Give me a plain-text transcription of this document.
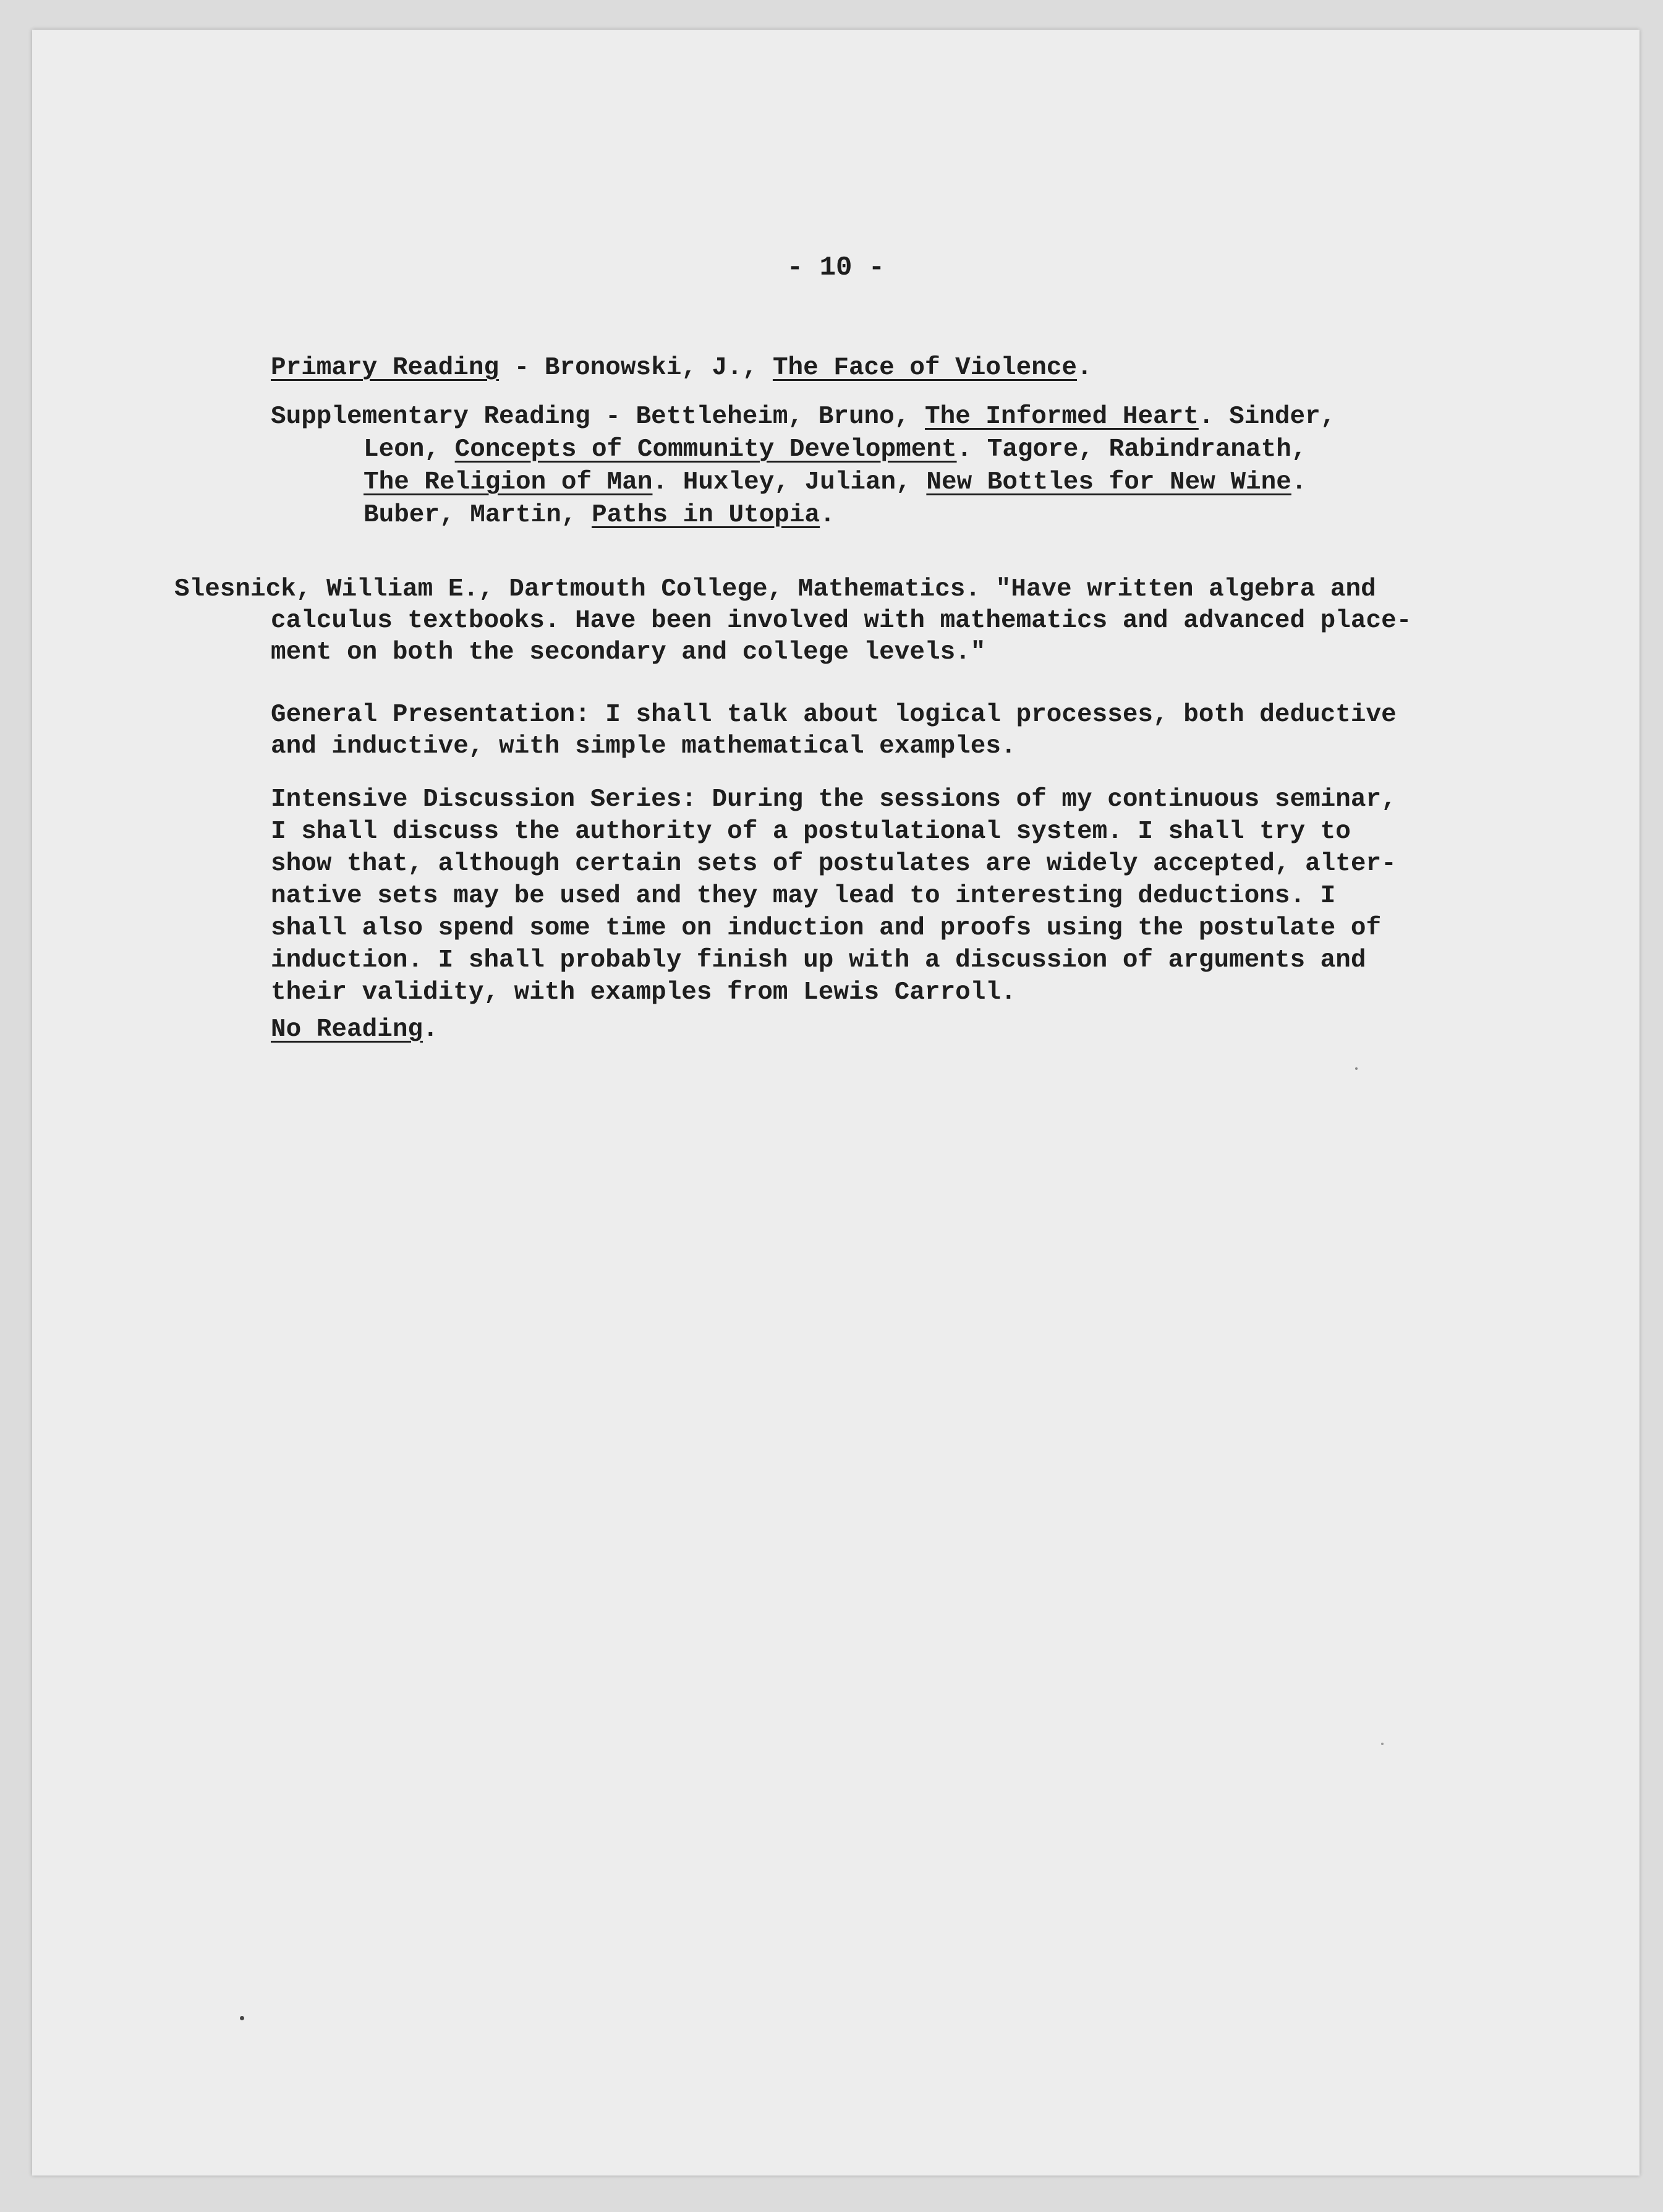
- 10 -
Primary Reading - Bronowski, J., The Face of Violence.
Supplementary Reading - Bettleheim, Bruno, The Informed Heart. Sinder,
Leon, Concepts of Community Development. Tagore, Rabindranath,
The Religion of Man. Huxley, Julian, New Bottles for New Wine.
Buber, Martin, Paths in Utopia.
Slesnick, William E., Dartmouth College, Mathematics. "Have written algebra and
calculus textbooks. Have been involved with mathematics and advanced place-
ment on both the secondary and college levels."
General Presentation: I shall talk about logical processes, both deductive
and inductive, with simple mathematical examples.
Intensive Discussion Series: During the sessions of my continuous seminar,
I shall discuss the authority of a postulational system. I shall try to
show that, although certain sets of postulates are widely accepted, alter-
native sets may be used and they may lead to interesting deductions. I
shall also spend some time on induction and proofs using the postulate of
induction. I shall probably finish up with a discussion of arguments and
their validity, with examples from Lewis Carroll.
No Reading.
